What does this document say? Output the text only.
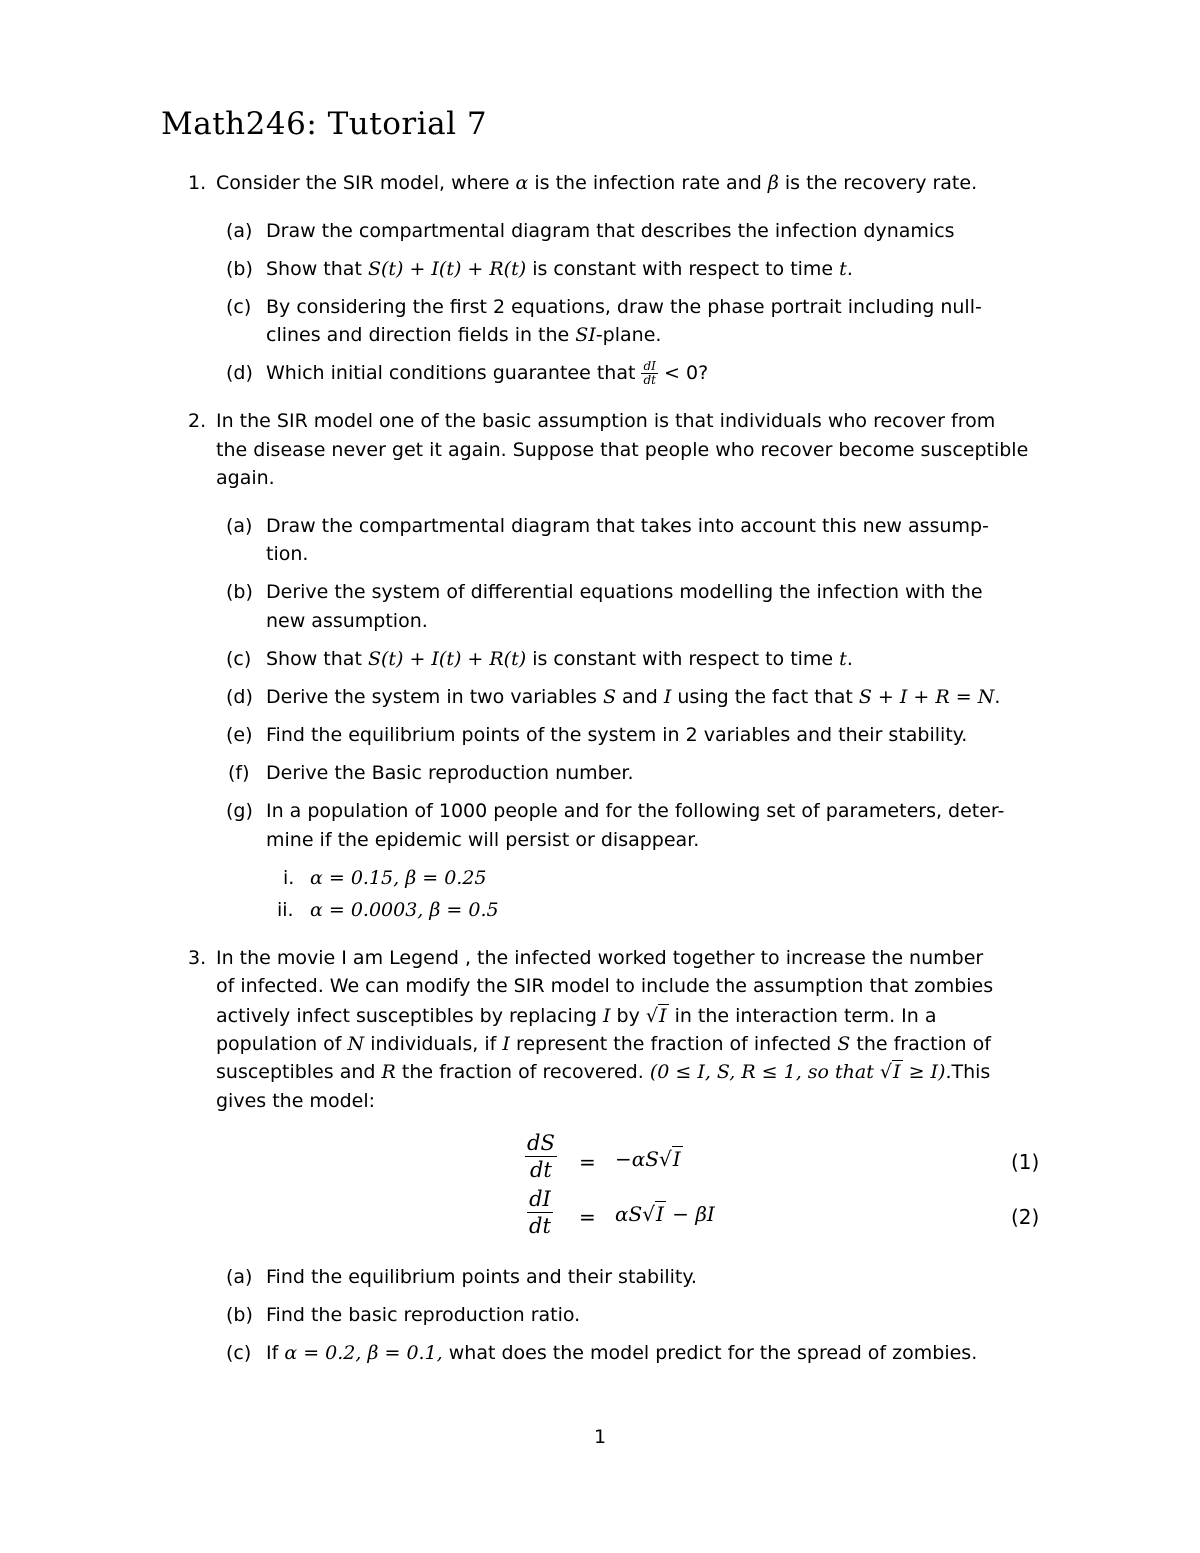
Math246: Tutorial 7
1. Consider the SIR model, where α is the infection rate and β is the recovery rate.
(a) Draw the compartmental diagram that describes the infection dynamics
(b) Show that S(t) + I(t) + R(t) is constant with respect to time t.
(c) By considering the first 2 equations, draw the phase portrait including null-
clines and direction fields in the SI-plane.
(d) Which initial conditions guarantee that $\frac{dI}{dt} < 0$?
2. In the SIR model one of the basic assumption is that individuals who recover from
the disease never get it again. Suppose that people who recover become susceptible
again.
(a) Draw the compartmental diagram that takes into account this new assump-
tion.
(b) Derive the system of differential equations modelling the infection with the
new assumption.
(c) Show that S(t) + I(t) + R(t) is constant with respect to time t.
(d) Derive the system in two variables S and I using the fact that S + I + R = N.
(e) Find the equilibrium points of the system in 2 variables and their stability.
(f) Derive the Basic reproduction number.
(g) In a population of 1000 people and for the following set of parameters, deter-
mine if the epidemic will persist or disappear.
i. α = 0.15, β = 0.25
ii. α = 0.0003, β = 0.5
3. In the movie I am Legend , the infected worked together to increase the number
of infected. We can modify the SIR model to include the assumption that zombies
actively infect susceptibles by replacing I by √I in the interaction term. In a
population of N individuals, if I represent the fraction of infected S the fraction of
susceptibles and R the fraction of recovered. (0 ≤ I, S, R ≤ 1, so that √I ≥ I).This
gives the model:
$\frac{dS}{dt} = -\alpha S√I$	(1)
$\frac{dI}{dt} = \alpha S√I - \beta I$	(2)
(a) Find the equilibrium points and their stability.
(b) Find the basic reproduction ratio.
(c) If α = 0.2, β = 0.1, what does the model predict for the spread of zombies.
1
